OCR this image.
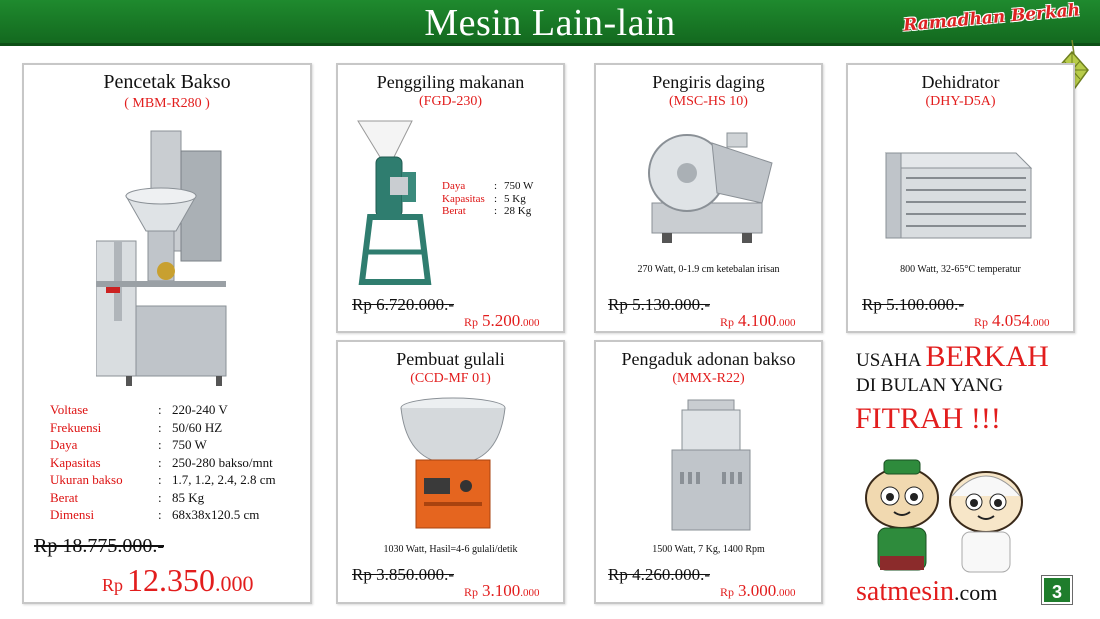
Mesin Lain-lain	Ramadhan Berkah
Pencetak Bakso
( MBM-R280 )
Voltase	:	220-240 V
Frekuensi	:	50/60 HZ
Daya	:	750 W
Kapasitas	:	250-280 bakso/mnt
Ukuran bakso	:	1.7, 1.2, 2.4, 2.8 cm
Berat	:	85 Kg
Dimensi	:	68x38x120.5 cm
Rp 18.775.000.-
Rp 12.350.000
Penggiling makanan
(FGD-230)
Daya	:	750 W
Kapasitas	:	5 Kg
Berat	:	28 Kg
Rp 6.720.000.-
Rp 5.200.000
Pengiris daging
(MSC-HS 10)
270 Watt, 0-1.9 cm ketebalan irisan
Rp 5.130.000.-
Rp 4.100.000
Dehidrator
(DHY-D5A)
800 Watt, 32-65°C temperatur
Rp 5.100.000.-
Rp 4.054.000
Pembuat gulali
(CCD-MF 01)
1030 Watt, Hasil=4-6 gulali/detik
Rp 3.850.000.-
Rp 3.100.000
Pengaduk adonan bakso
(MMX-R22)
1500 Watt, 7 Kg, 1400 Rpm
Rp 4.260.000.-
Rp 3.000.000
USAHA BERKAH
DI BULAN YANG
FITRAH !!!
satmesin.com	3
